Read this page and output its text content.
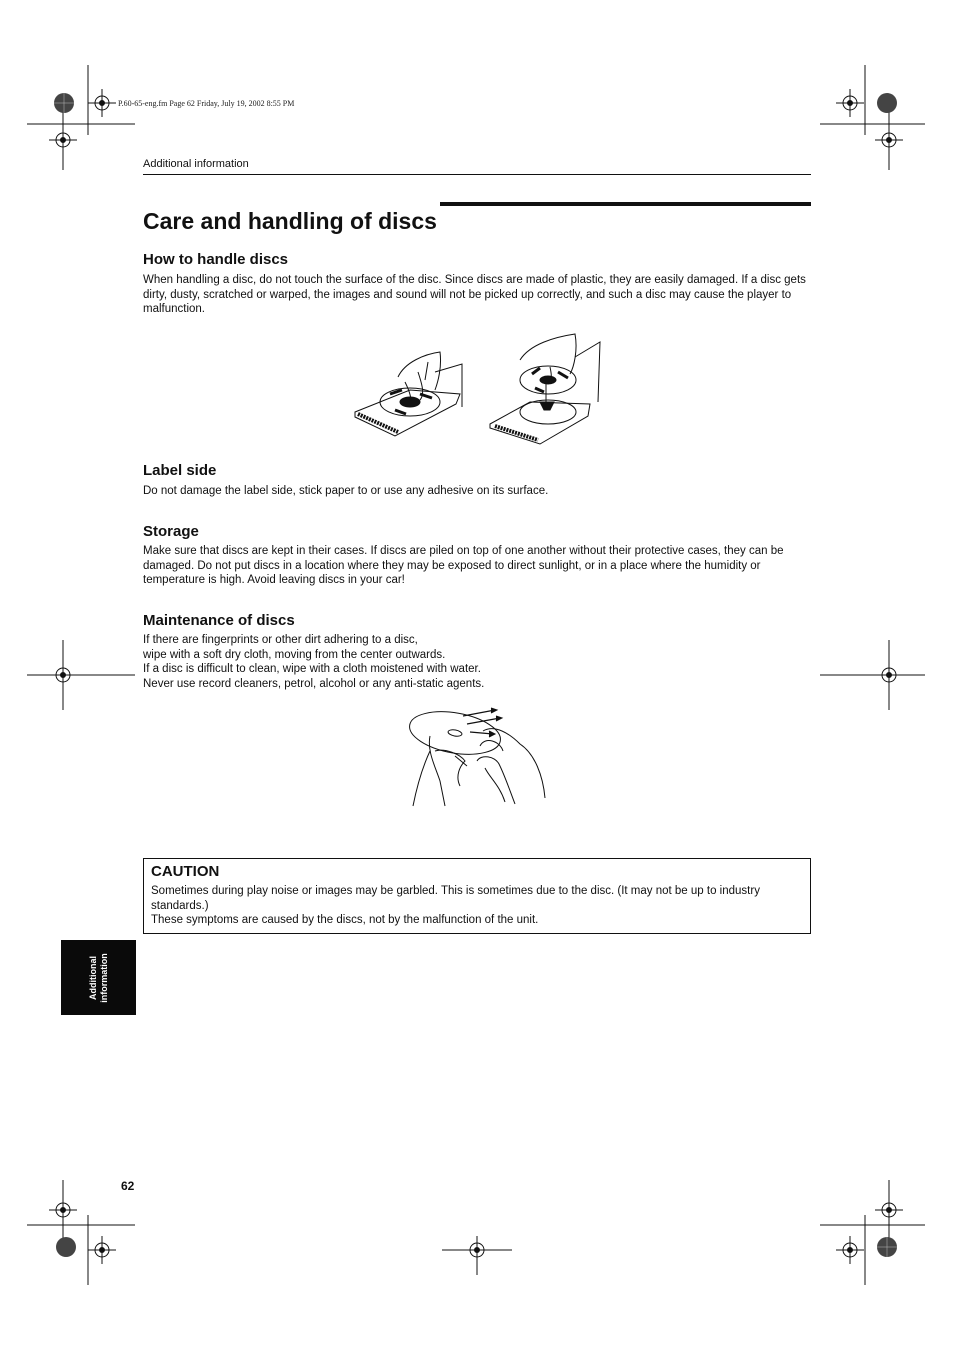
P.60-65-eng.fm Page 62 Friday, July 19, 2002 8:55 PM
Additional information
Care and handling of discs
How to handle discs

When handling a disc, do not touch the surface of the disc. Since discs are made of plastic, they are easily damaged. If a disc gets dirty, dusty, scratched or warped, the images and sound will not be picked up correctly, and such a disc may cause the player to malfunction.

Label side

Do not damage the label side, stick paper to or use any adhesive on its surface.

Storage

Make sure that discs are kept in their cases. If discs are piled on top of one another without their protective cases, they can be damaged. Do not put discs in a location where they may be exposed to direct sunlight, or in a place where the humidity or temperature is high. Avoid leaving discs in your car!

Maintenance of discs
If there are fingerprints or other dirt adhering to a disc,
wipe with a soft dry cloth, moving from the center outwards.
If a disc is difficult to clean, wipe with a cloth moistened with water.
Never use record cleaners, petrol, alcohol or any anti-static agents.
CAUTION
Sometimes during play noise or images may be garbled. This is sometimes due to the disc. (It may not be up to industry standards.)
These symptoms are caused by the discs, not by the malfunction of the unit.
Additional information
62
